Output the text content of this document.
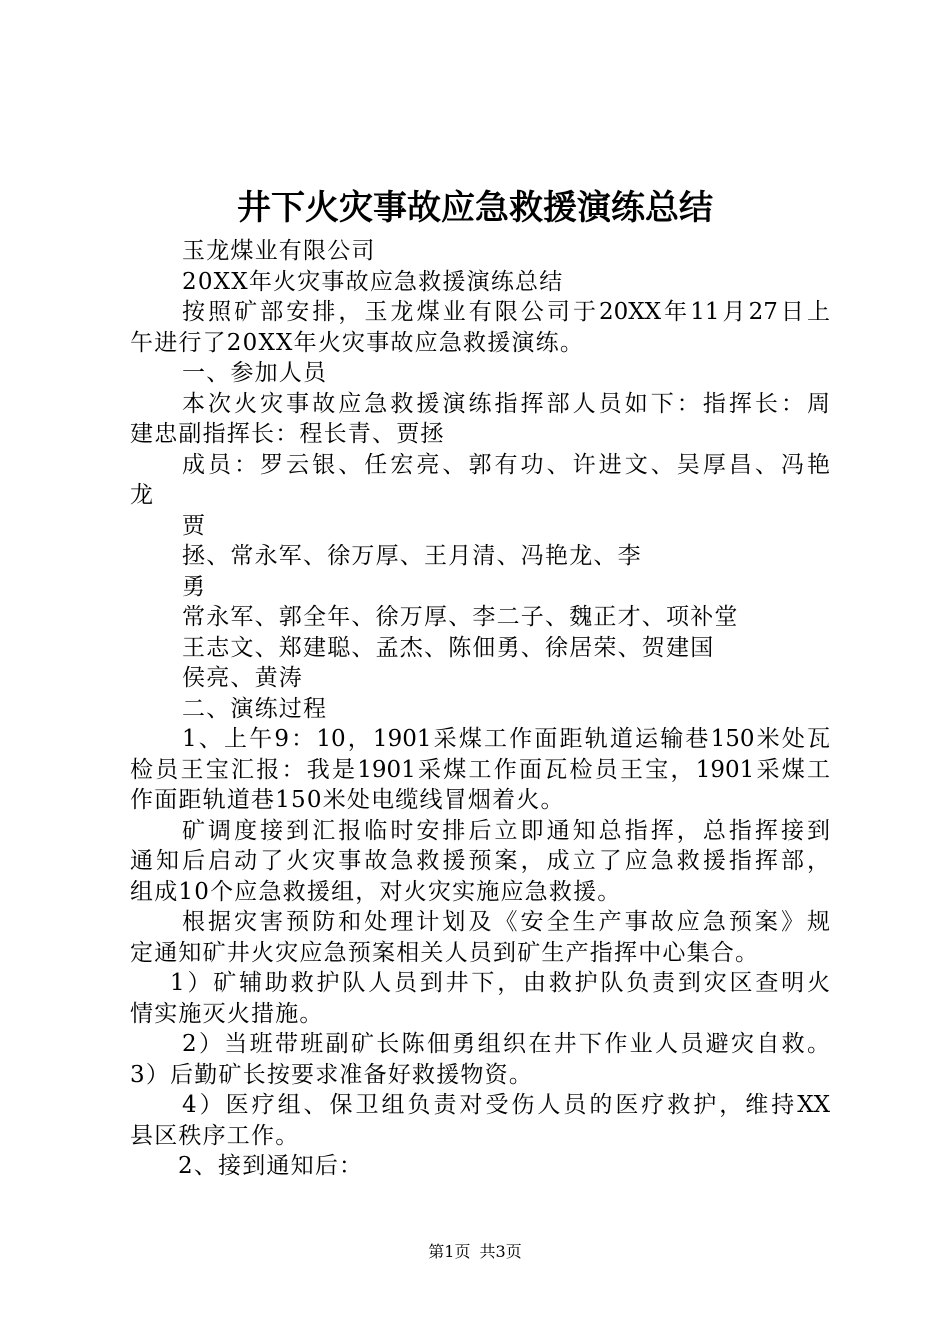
井下火灾事故应急救援演练总结

玉龙煤业有限公司

20XX年火灾事故应急救援演练总结

按照矿部安排，玉龙煤业有限公司于20XX年11月27日上

午进行了20XX年火灾事故应急救援演练。

一、参加人员

本次火灾事故应急救援演练指挥部人员如下：指挥长：周

建忠副指挥长：程长青、贾拯

成员：罗云银、任宏亮、郭有功、许进文、吴厚昌、冯艳

龙

贾

拯、常永军、徐万厚、王月清、冯艳龙、李

勇

常永军、郭全年、徐万厚、李二子、魏正才、项补堂

王志文、郑建聪、孟杰、陈佃勇、徐居荣、贺建国

侯亮、黄涛

二、演练过程

1、上午9：10，1901采煤工作面距轨道运输巷150米处瓦

检员王宝汇报：我是1901采煤工作面瓦检员王宝，1901采煤工

作面距轨道巷150米处电缆线冒烟着火。

矿调度接到汇报临时安排后立即通知总指挥，总指挥接到

通知后启动了火灾事故急救援预案，成立了应急救援指挥部，

组成10个应急救援组，对火灾实施应急救援。

根据灾害预防和处理计划及《安全生产事故应急预案》规

定通知矿井火灾应急预案相关人员到矿生产指挥中心集合。

1）矿辅助救护队人员到井下，由救护队负责到灾区查明火

情实施灭火措施。

2）当班带班副矿长陈佃勇组织在井下作业人员避灾自救。

3）后勤矿长按要求准备好救援物资。

4）医疗组、保卫组负责对受伤人员的医疗救护，维持XX

县区秩序工作。

2、接到通知后：

第1页 共3页
